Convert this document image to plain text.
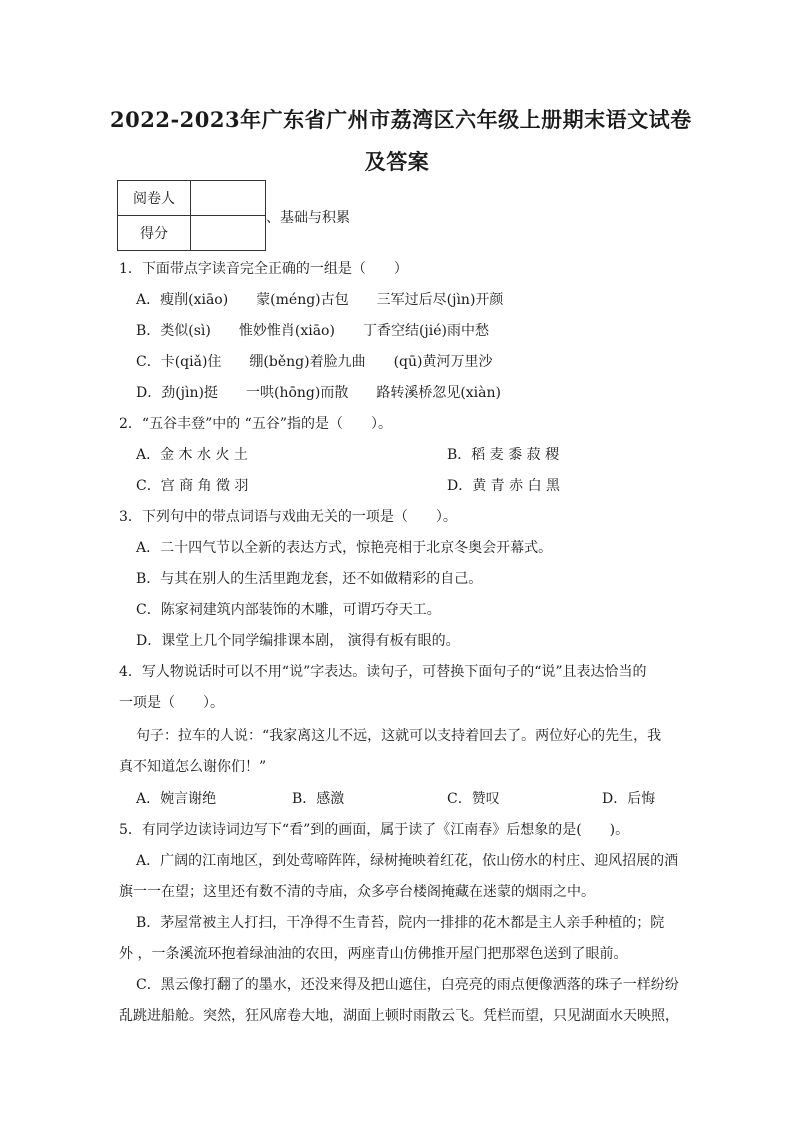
2022-2023年广东省广州市荔湾区六年级上册期末语文试卷
及答案
阅卷人	
得分	
、基础与积累
1．下面带点字读音完全正确的一组是（　　）
A．瘦削(xiāo)　　蒙(méng)古包　　三军过后尽(jìn)开颜
B．类似(sì)　　惟妙惟肖(xiāo)　　丁香空结(jié)雨中愁
C．卡(qiǎ)住　　绷(běng)着脸九曲　　(qū)黄河万里沙
D．劲(jìn)挺　　一哄(hōng)而散　　路转溪桥忽见(xiàn)
2．“五谷丰登”中的 “五谷”指的是（　　）。
A．金 木 水 火 土	B．稻 麦 黍 菽 稷
C．宫 商 角 徵 羽	D．黄 青 赤 白 黑
3．下列句中的带点词语与戏曲无关的一项是（　　）。
A．二十四气节以全新的表达方式，惊艳亮相于北京冬奥会开幕式。
B．与其在别人的生活里跑龙套，还不如做精彩的自己。
C．陈家祠建筑内部装饰的木雕，可谓巧夺天工。
D．课堂上几个同学编排课本剧， 演得有板有眼的。
4．写人物说话时可以不用“说”字表达。读句子，可替换下面句子的“说”且表达恰当的
一项是（　　）。
句子：拉车的人说：“我家离这儿不远，这就可以支持着回去了。两位好心的先生，我
真不知道怎么谢你们！”
A．婉言谢绝	B．感激	C．赞叹	D．后悔
5．有同学边读诗词边写下“看”到的画面，属于读了《江南春》后想象的是(　　)。
A．广阔的江南地区，到处莺啼阵阵，绿树掩映着红花，依山傍水的村庄、迎风招展的酒
旗一一在望；这里还有数不清的寺庙，众多亭台楼阁掩藏在迷蒙的烟雨之中。
B．茅屋常被主人打扫，干净得不生青苔，院内一排排的花木都是主人亲手种植的；院
外 ，一条溪流环抱着绿油油的农田，两座青山仿佛推开屋门把那翠色送到了眼前。
C．黑云像打翻了的墨水，还没来得及把山遮住，白亮亮的雨点便像洒落的珠子一样纷纷
乱跳进船舱。突然，狂风席卷大地，湖面上顿时雨散云飞。凭栏而望，只见湖面水天映照，
